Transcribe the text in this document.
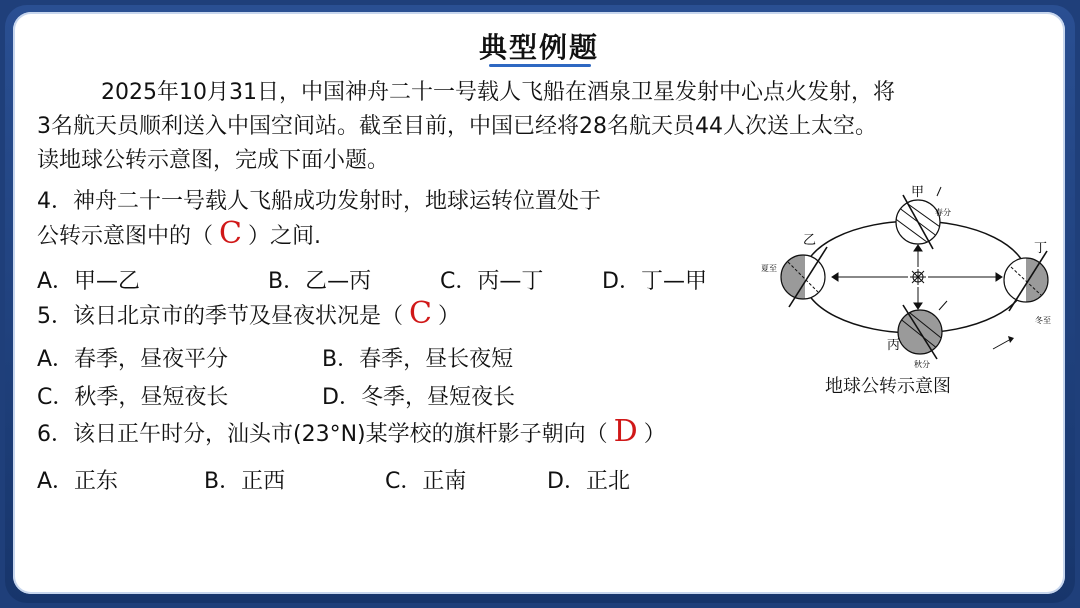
典型例题
2025年10月31日，中国神舟二十一号载人飞船在酒泉卫星发射中心点火发射，将
3名航天员顺利送入中国空间站。截至目前，中国已经将28名航天员44人次送上太空。
读地球公转示意图，完成下面小题。
4．神舟二十一号载人飞船成功发射时，地球运转位置处于
公转示意图中的（ C ）之间.
A．甲—乙	B．乙—丙	C．丙—丁	D．丁—甲
5．该日北京市的季节及昼夜状况是（ C ）
A．春季，昼夜平分	B．春季，昼长夜短
C．秋季，昼短夜长	D．冬季，昼短夜长
6．该日正午时分，汕头市(23°N)某学校的旗杆影子朝向（ D ）
A．正东	B．正西	C．正南	D．正北
甲
春分
乙
夏至
丙
秋分
丁
冬至
地球公转示意图
